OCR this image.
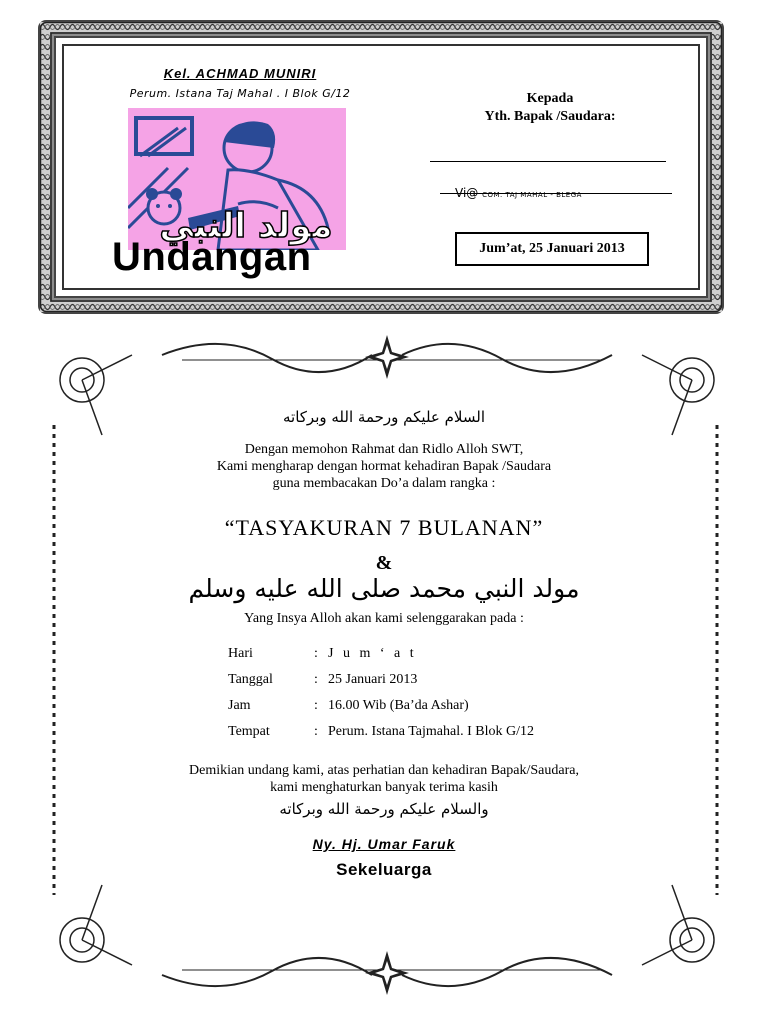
Kel. ACHMAD MUNIRI
Perum. Istana Taj Mahal . I Blok G/12
مولد النبي
Undangan
Kepada
Yth. Bapak /Saudara:
Vi@ COM. TAJ MAHAL - BLEGA
Jum’at, 25 Januari 2013
السلام عليكم ورحمة الله وبركاته
Dengan memohon Rahmat dan Ridlo Alloh SWT,
Kami mengharap dengan hormat kehadiran Bapak /Saudara
guna membacakan Do’a dalam rangka :
“TASYAKURAN 7 BULANAN”
&
مولد النبي محمد صلى الله عليه وسلم
Yang Insya Alloh akan kami selenggarakan pada :
Hari	: J u m ‘ a t
Tanggal	: 25 Januari 2013
Jam	: 16.00 Wib (Ba’da Ashar)
Tempat	: Perum. Istana Tajmahal. I Blok G/12
Demikian undang kami, atas perhatian dan kehadiran Bapak/Saudara,
kami menghaturkan banyak terima kasih
والسلام عليكم ورحمة الله وبركاته
Ny. Hj. Umar Faruk
Sekeluarga
